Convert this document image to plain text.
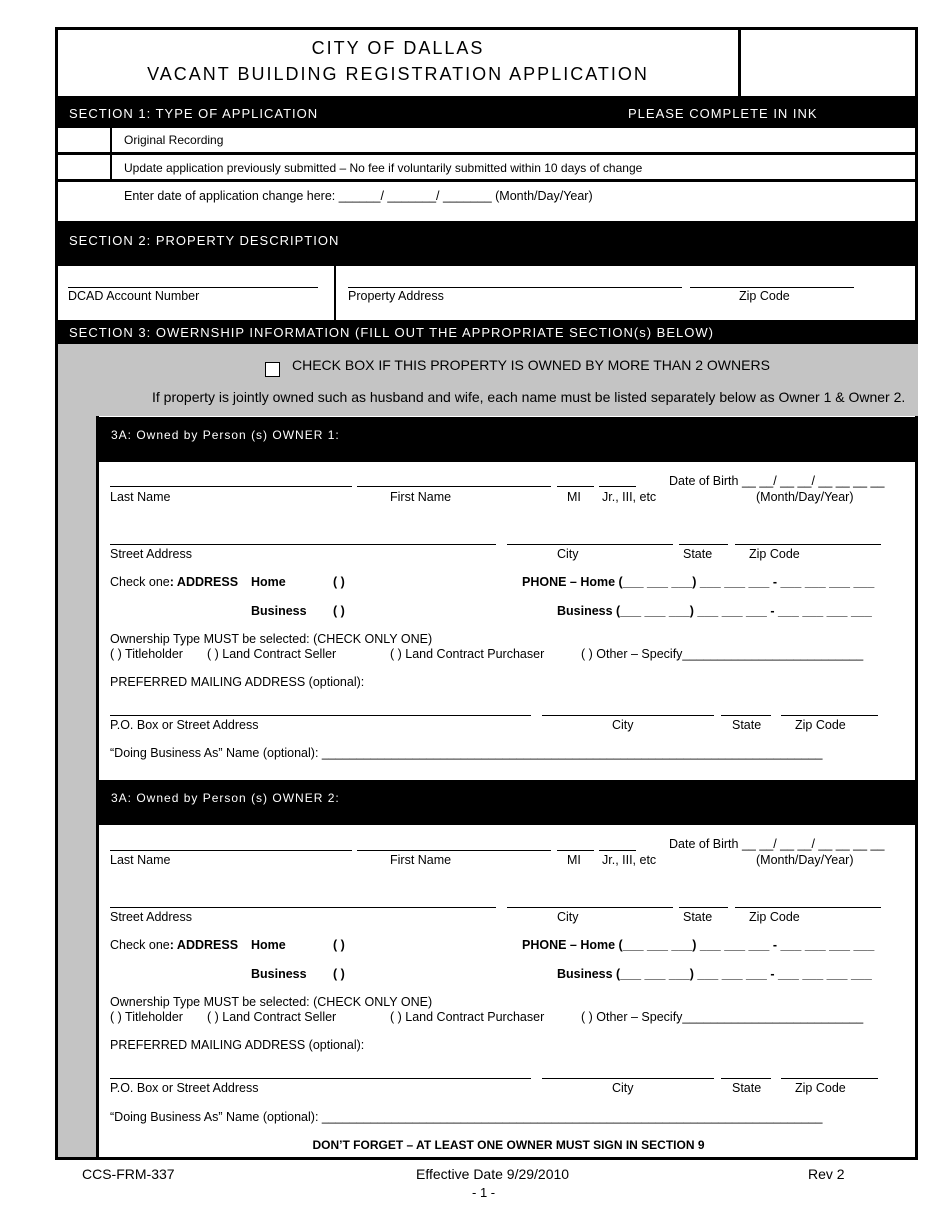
CITY OF DALLAS
VACANT BUILDING REGISTRATION APPLICATION
SECTION 1: TYPE OF APPLICATION	PLEASE COMPLETE IN INK
Original Recording
Update application previously submitted – No fee if voluntarily submitted within 10 days of change
Enter date of application change here: ______/ _______/ _______ (Month/Day/Year)
SECTION 2: PROPERTY DESCRIPTION
DCAD Account Number	Property Address	Zip Code
SECTION 3: OWERNSHIP INFORMATION (FILL OUT THE APPROPRIATE SECTION(s) BELOW)
CHECK BOX IF THIS PROPERTY IS OWNED BY MORE THAN 2 OWNERS
If property is jointly owned such as husband and wife, each name must be listed separately below as Owner 1 & Owner 2.
3A: Owned by Person (s) OWNER 1:
Date of Birth __ __/ __ __/ __ __ __ __
Last Name	First Name	MI Jr., III, etc	(Month/Day/Year)
Street Address	City	State	Zip Code
Check one: ADDRESS Home	( )	PHONE – Home (___ ___ ___) ___ ___ ___ - ___ ___ ___ ___
Business ( )	Business (___ ___ ___) ___ ___ ___ - ___ ___ ___ ___
Ownership Type MUST be selected: (CHECK ONLY ONE)
( ) Titleholder ( ) Land Contract Seller	( ) Land Contract Purchaser	( ) Other – Specify__________________________
PREFERRED MAILING ADDRESS (optional):
P.O. Box or Street Address	City	State	Zip Code
“Doing Business As” Name (optional): ________________________________________________________________________
3A: Owned by Person (s) OWNER 2:
Date of Birth __ __/ __ __/ __ __ __ __
Last Name	First Name	MI Jr., III, etc	(Month/Day/Year)
Street Address	City	State	Zip Code
Check one: ADDRESS Home	( )	PHONE – Home (___ ___ ___) ___ ___ ___ - ___ ___ ___ ___
Business ( )	Business (___ ___ ___) ___ ___ ___ - ___ ___ ___ ___
Ownership Type MUST be selected: (CHECK ONLY ONE)
( ) Titleholder ( ) Land Contract Seller	( ) Land Contract Purchaser	( ) Other – Specify__________________________
PREFERRED MAILING ADDRESS (optional):
P.O. Box or Street Address	City	State	Zip Code
“Doing Business As” Name (optional): ________________________________________________________________________
DON’T FORGET – AT LEAST ONE OWNER MUST SIGN IN SECTION 9
CCS-FRM-337	Effective Date 9/29/2010	Rev 2
- 1 -
